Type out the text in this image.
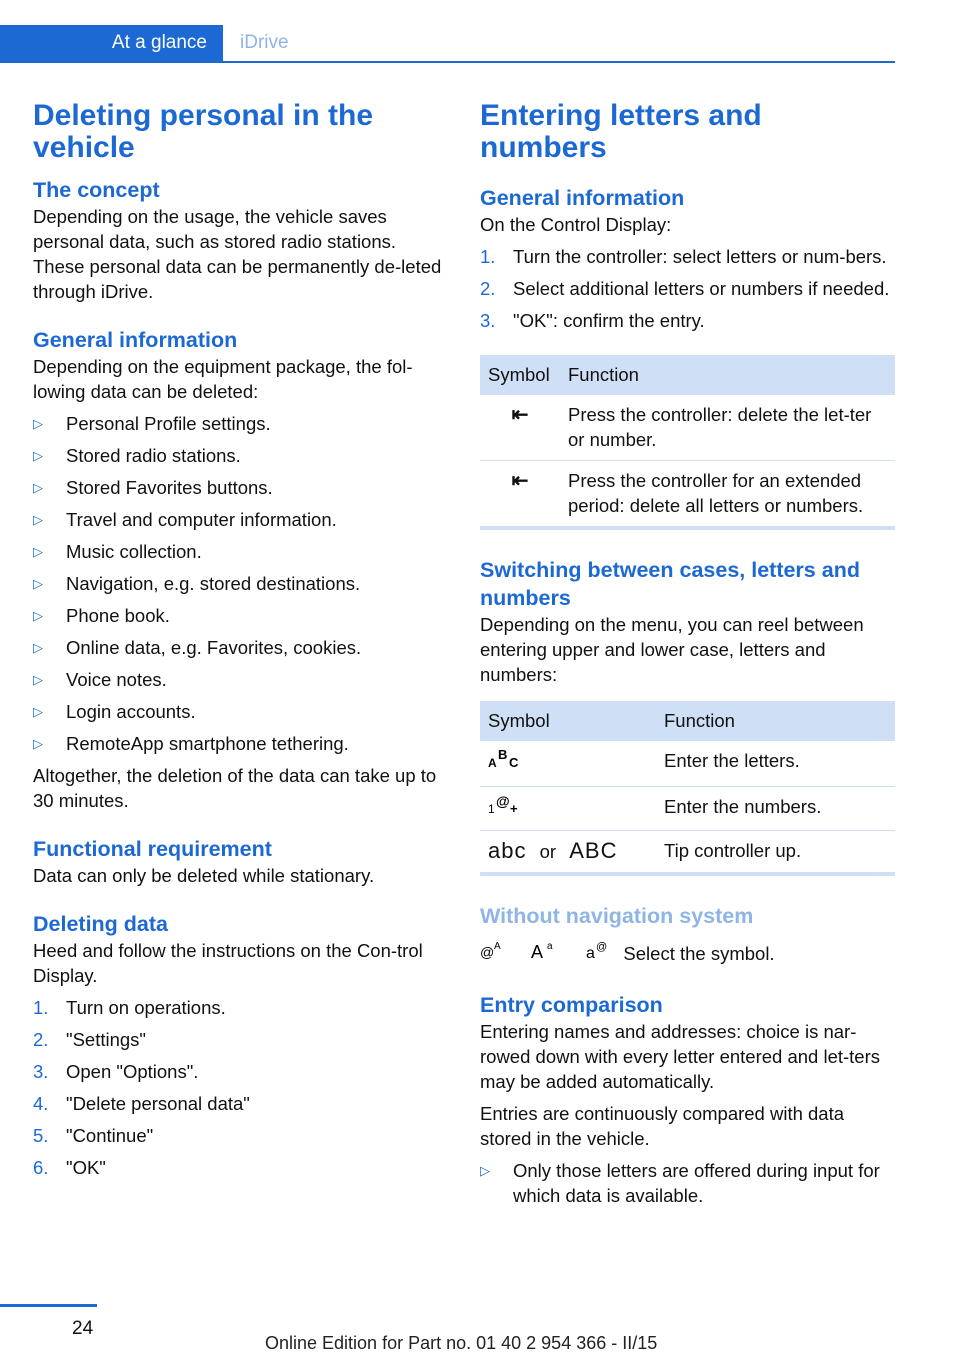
At a glance	iDrive
Deleting personal in the vehicle
The concept

Depending on the usage, the vehicle saves personal data, such as stored radio stations. These personal data can be permanently de‐leted through iDrive.

General information

Depending on the equipment package, the fol‐lowing data can be deleted:

▷ Personal Profile settings.
▷ Stored radio stations.
▷ Stored Favorites buttons.
▷ Travel and computer information.
▷ Music collection.
▷ Navigation, e.g. stored destinations.
▷ Phone book.
▷ Online data, e.g. Favorites, cookies.
▷ Voice notes.
▷ Login accounts.
▷ RemoteApp smartphone tethering.

Altogether, the deletion of the data can take up to 30 minutes.

Functional requirement

Data can only be deleted while stationary.

Deleting data

Heed and follow the instructions on the Con‐trol Display.

1. Turn on operations.
2. "Settings"
3. Open "Options".
4. "Delete personal data"
5. "Continue"
6. "OK"
Entering letters and numbers
General information

On the Control Display:

1. Turn the controller: select letters or num‐bers.
2. Select additional letters or numbers if needed.
3. "OK": confirm the entry.
Symbol	Function
⇤	Press the controller: delete the let‐ter or number.
⇤	Press the controller for an extended period: delete all letters or numbers.
Switching between cases, letters and numbers

Depending on the menu, you can reel between entering upper and lower case, letters and numbers:

Symbol	Function

A
B
C	Enter the letters.

1 @ +	Enter the numbers.
abc or ABC	Tip controller up.
Without navigation system
@ A
A a
a @ Select the symbol.
Entry comparison

Entering names and addresses: choice is nar‐rowed down with every letter entered and let‐ters may be added automatically.

Entries are continuously compared with data stored in the vehicle.

▷ Only those letters are offered during input for which data is available.
24
Online Edition for Part no. 01 40 2 954 366 - II/15
